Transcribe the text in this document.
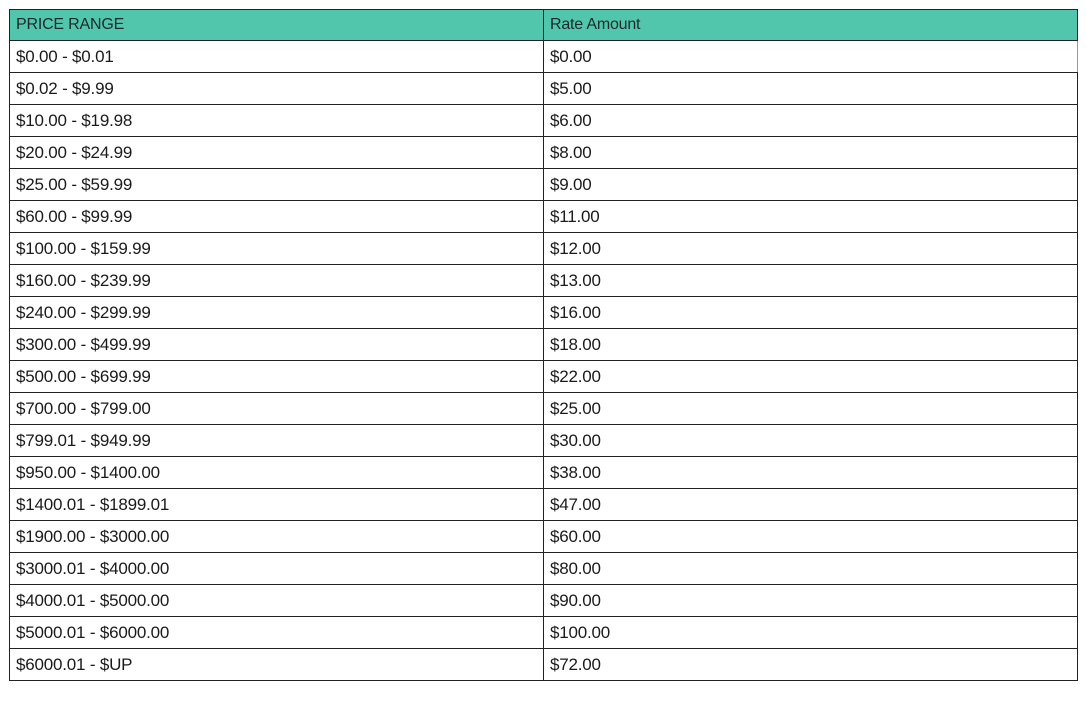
PRICE RANGE	Rate Amount
$0.00 - $0.01	$0.00
$0.02 - $9.99	$5.00
$10.00 - $19.98	$6.00
$20.00 - $24.99	$8.00
$25.00 - $59.99	$9.00
$60.00 - $99.99	$11.00
$100.00 - $159.99	$12.00
$160.00 - $239.99	$13.00
$240.00 - $299.99	$16.00
$300.00 - $499.99	$18.00
$500.00 - $699.99	$22.00
$700.00 - $799.00	$25.00
$799.01 - $949.99	$30.00
$950.00 - $1400.00	$38.00
$1400.01 - $1899.01	$47.00
$1900.00 - $3000.00	$60.00
$3000.01 - $4000.00	$80.00
$4000.01 - $5000.00	$90.00
$5000.01 - $6000.00	$100.00
$6000.01 - $UP	$72.00
